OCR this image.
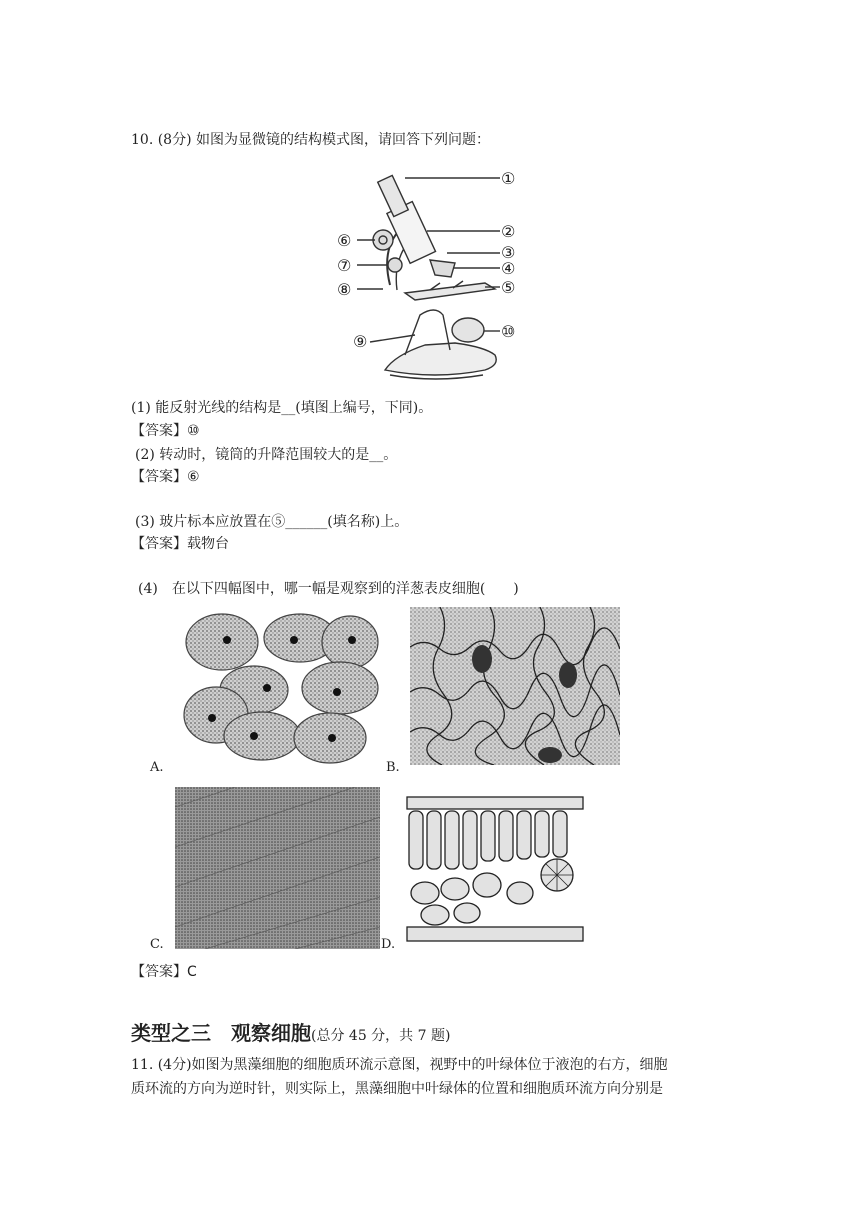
10. (8分) 如图为显微镜的结构模式图，请回答下列问题：
①
②
③
④
⑤
⑥
⑦
⑧
⑨
⑩
(1) 能反射光线的结构是__(填图上编号，下同)。
【答案】⑩
(2) 转动时，镜筒的升降范围较大的是__。
【答案】⑥
(3) 玻片标本应放置在⑤______(填名称)上。
【答案】载物台
(4)　在以下四幅图中，哪一幅是观察到的洋葱表皮细胞(　　)
A.	B.
C.	D.
【答案】C
类型之三　观察细胞(总分 45 分，共 7 题)
11. (4分)如图为黑藻细胞的细胞质环流示意图，视野中的叶绿体位于液泡的右方，细胞
质环流的方向为逆时针，则实际上，黑藻细胞中叶绿体的位置和细胞质环流方向分别是
